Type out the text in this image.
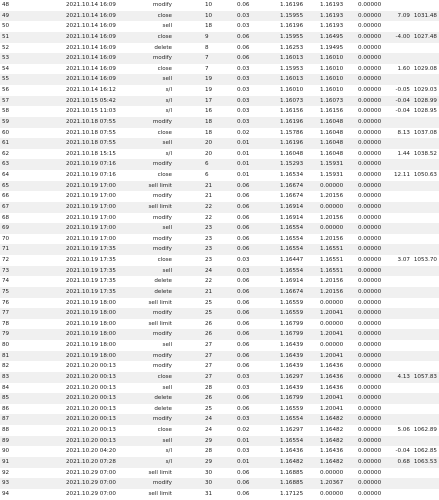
48	2021.10.14 16:09	modify	10	0.06	1.16196	1.16193	0.00000
49	2021.10.14 16:09	close	10	0.03	1.15955	1.16193	0.00000	7.09 1031.48
50	2021.10.14 16:09	sell	18	0.03	1.16196	1.16193	0.00000
51	2021.10.14 16:09	close	9	0.06	1.15955	1.16495	0.00000	-4.00 1027.48
52	2021.10.14 16:09	delete	8	0.06	1.16253	1.19495	0.00000
53	2021.10.14 16:09	modify	7	0.06	1.16013	1.16010	0.00000
54	2021.10.14 16:09	close	7	0.03	1.15953	1.16010	0.00000	1.60 1029.08
55	2021.10.14 16:09	sell	19	0.03	1.16013	1.16010	0.00000
56	2021.10.14 16:12	s/l	19	0.03	1.16010	1.16010	0.00000	-0.05 1029.03
57	2021.10.15 05:42	s/l	17	0.03	1.16073	1.16073	0.00000	-0.04 1028.99
58	2021.10.15 11:03	s/l	16	0.03	1.16156	1.16156	0.00000	-0.04 1028.95
59	2021.10.18 07:55	modify	18	0.03	1.16196	1.16048	0.00000
60	2021.10.18 07:55	close	18	0.02	1.15786	1.16048	0.00000	8.13 1037.08
61	2021.10.18 07:55	sell	20	0.01	1.16196	1.16048	0.00000
62	2021.10.18 15:15	s/l	20	0.01	1.16048	1.16048	0.00000	1.44 1038.52
63	2021.10.19 07:16	modify	6	0.01	1.15293	1.15931	0.00000
64	2021.10.19 07:16	close	6	0.01	1.16534	1.15931	0.00000	12.11 1050.63
65	2021.10.19 17:00	sell limit	21	0.06	1.16674	0.00000	0.00000
66	2021.10.19 17:00	modify	21	0.06	1.16674	1.20156	0.00000
67	2021.10.19 17:00	sell limit	22	0.06	1.16914	0.00000	0.00000
68	2021.10.19 17:00	modify	22	0.06	1.16914	1.20156	0.00000
69	2021.10.19 17:00	sell	23	0.06	1.16554	0.00000	0.00000
70	2021.10.19 17:00	modify	23	0.06	1.16554	1.20156	0.00000
71	2021.10.19 17:35	modify	23	0.06	1.16554	1.16551	0.00000
72	2021.10.19 17:35	close	23	0.03	1.16447	1.16551	0.00000	3.07 1053.70
73	2021.10.19 17:35	sell	24	0.03	1.16554	1.16551	0.00000
74	2021.10.19 17:35	delete	22	0.06	1.16914	1.20156	0.00000
75	2021.10.19 17:35	delete	21	0.06	1.16674	1.20156	0.00000
76	2021.10.19 18:00	sell limit	25	0.06	1.16559	0.00000	0.00000
77	2021.10.19 18:00	modify	25	0.06	1.16559	1.20041	0.00000
78	2021.10.19 18:00	sell limit	26	0.06	1.16799	0.00000	0.00000
79	2021.10.19 18:00	modify	26	0.06	1.16799	1.20041	0.00000
80	2021.10.19 18:00	sell	27	0.06	1.16439	0.00000	0.00000
81	2021.10.19 18:00	modify	27	0.06	1.16439	1.20041	0.00000
82	2021.10.20 00:13	modify	27	0.06	1.16439	1.16436	0.00000
83	2021.10.20 00:13	close	27	0.03	1.16297	1.16436	0.00000	4.13 1057.83
84	2021.10.20 00:13	sell	28	0.03	1.16439	1.16436	0.00000
85	2021.10.20 00:13	delete	26	0.06	1.16799	1.20041	0.00000
86	2021.10.20 00:13	delete	25	0.06	1.16559	1.20041	0.00000
87	2021.10.20 00:13	modify	24	0.03	1.16554	1.16482	0.00000
88	2021.10.20 00:13	close	24	0.02	1.16297	1.16482	0.00000	5.06 1062.89
89	2021.10.20 00:13	sell	29	0.01	1.16554	1.16482	0.00000
90	2021.10.20 04:20	s/l	28	0.03	1.16436	1.16436	0.00000	-0.04 1062.85
91	2021.10.20 07:28	s/l	29	0.01	1.16482	1.16482	0.00000	0.68 1063.53
92	2021.10.29 07:00	sell limit	30	0.06	1.16885	0.00000	0.00000
93	2021.10.29 07:00	modify	30	0.06	1.16885	1.20367	0.00000
94	2021.10.29 07:00	sell limit	31	0.06	1.17125	0.00000	0.00000
